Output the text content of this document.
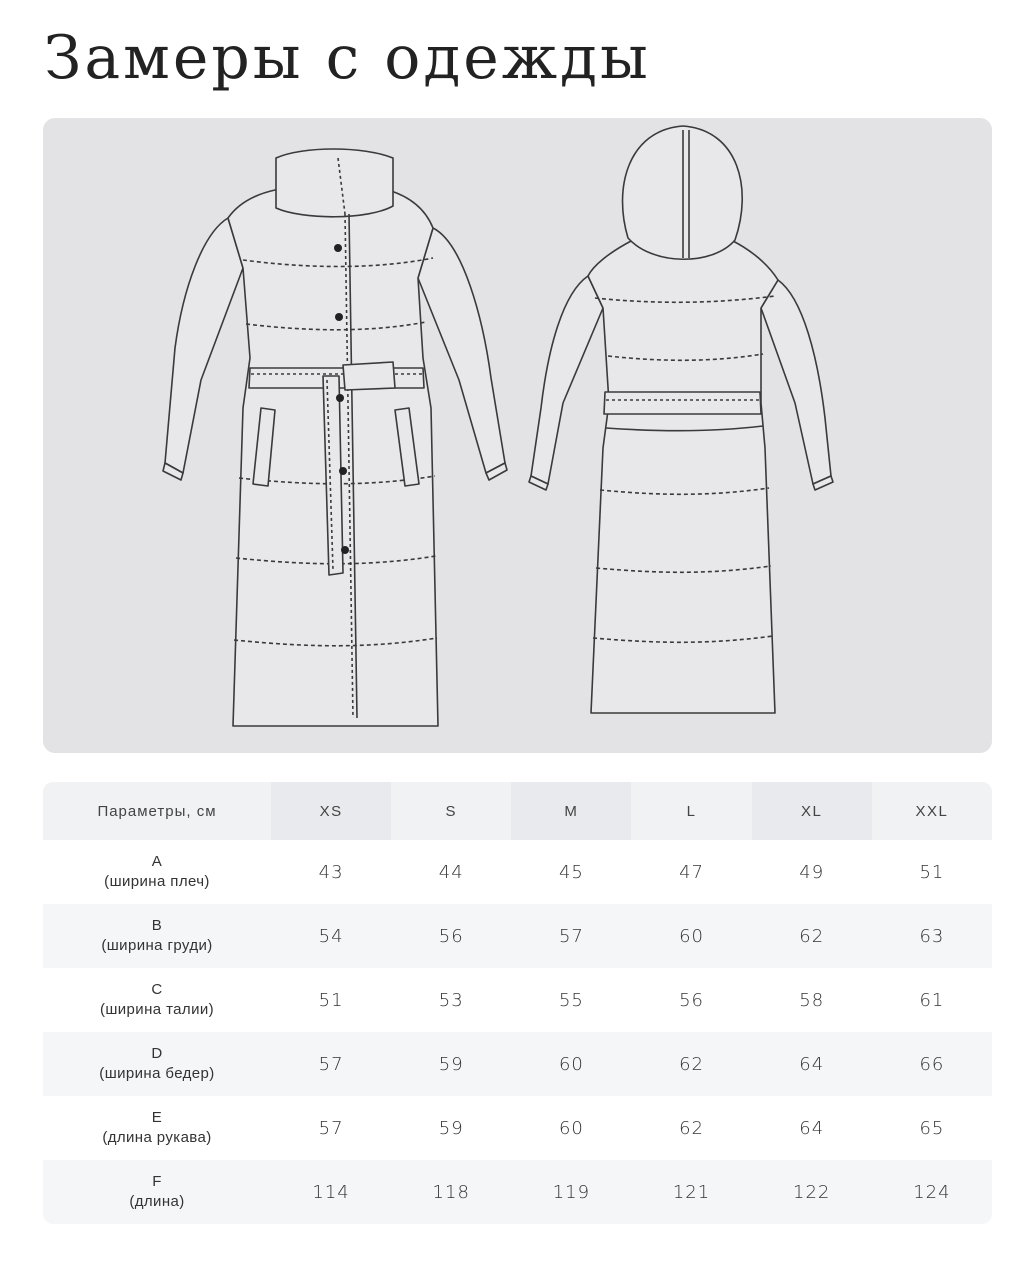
Замеры с одежды
Параметры, см	XS	S	M	L	XL	XXL

A
(ширина плеч)	43	44	45	47	49	51

B
(ширина груди)	54	56	57	60	62	63

C
(ширина талии)	51	53	55	56	58	61

D
(ширина бедер)	57	59	60	62	64	66

E
(длина рукава)	57	59	60	62	64	65

F
(длина)	114	118	119	121	122	124
